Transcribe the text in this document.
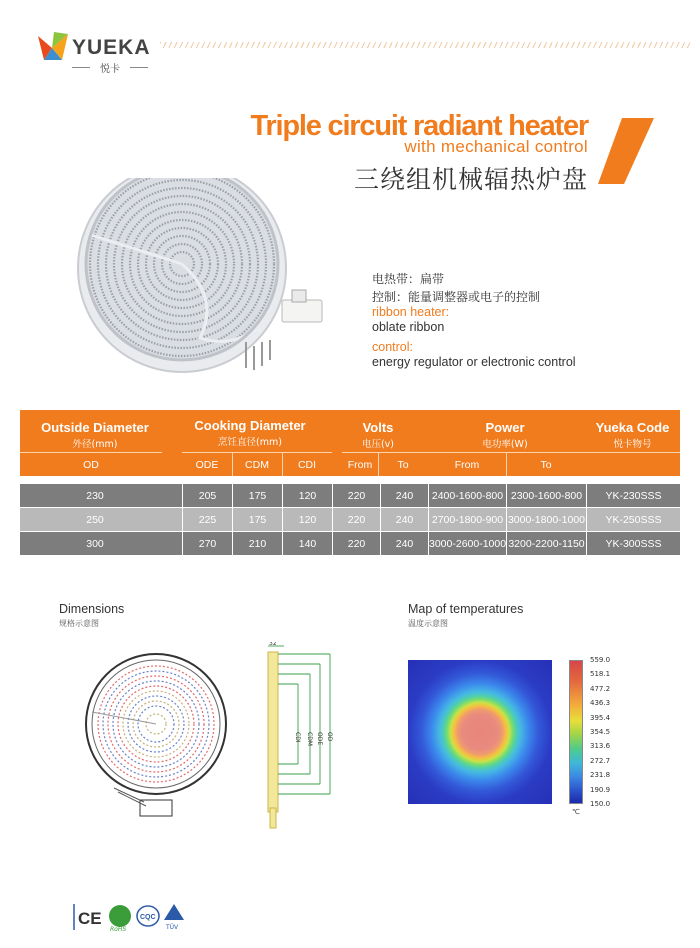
YUEKA
悦卡
Triple circuit radiant heater
with mechanical control
三绕组机械辐热炉盘
电热带：扁带
控制：能量调整器或电子的控制
ribbon heater:
oblate ribbon
control:
energy regulator or electronic control
Outside Diameter
外径(mm)
Cooking Diameter
烹饪直径(mm)
Volts
电压(v)
Power
电功率(W)
Yueka Code
悦卡物号
OD	ODE	CDM	CDI	From	To	From	To
230	205	175	120	220	240	2400-1600-800 2300-1600-800	YK-230SSS
250	225	175	120	220	240	2700-1800-900 3000-1800-1000	YK-250SSS
300	270	210	140	220	240	3000-2600-1000 3200-2200-1150	YK-300SSS
Dimensions
规格示意图
32
CDI CDM ODE OD
Map of temperatures
温度示意图
559.0
518.1
477.2
436.3
395.4
354.5
313.6
272.7
231.8
190.9
150.0
℃
CE
RoHS
CQC
TÜV
